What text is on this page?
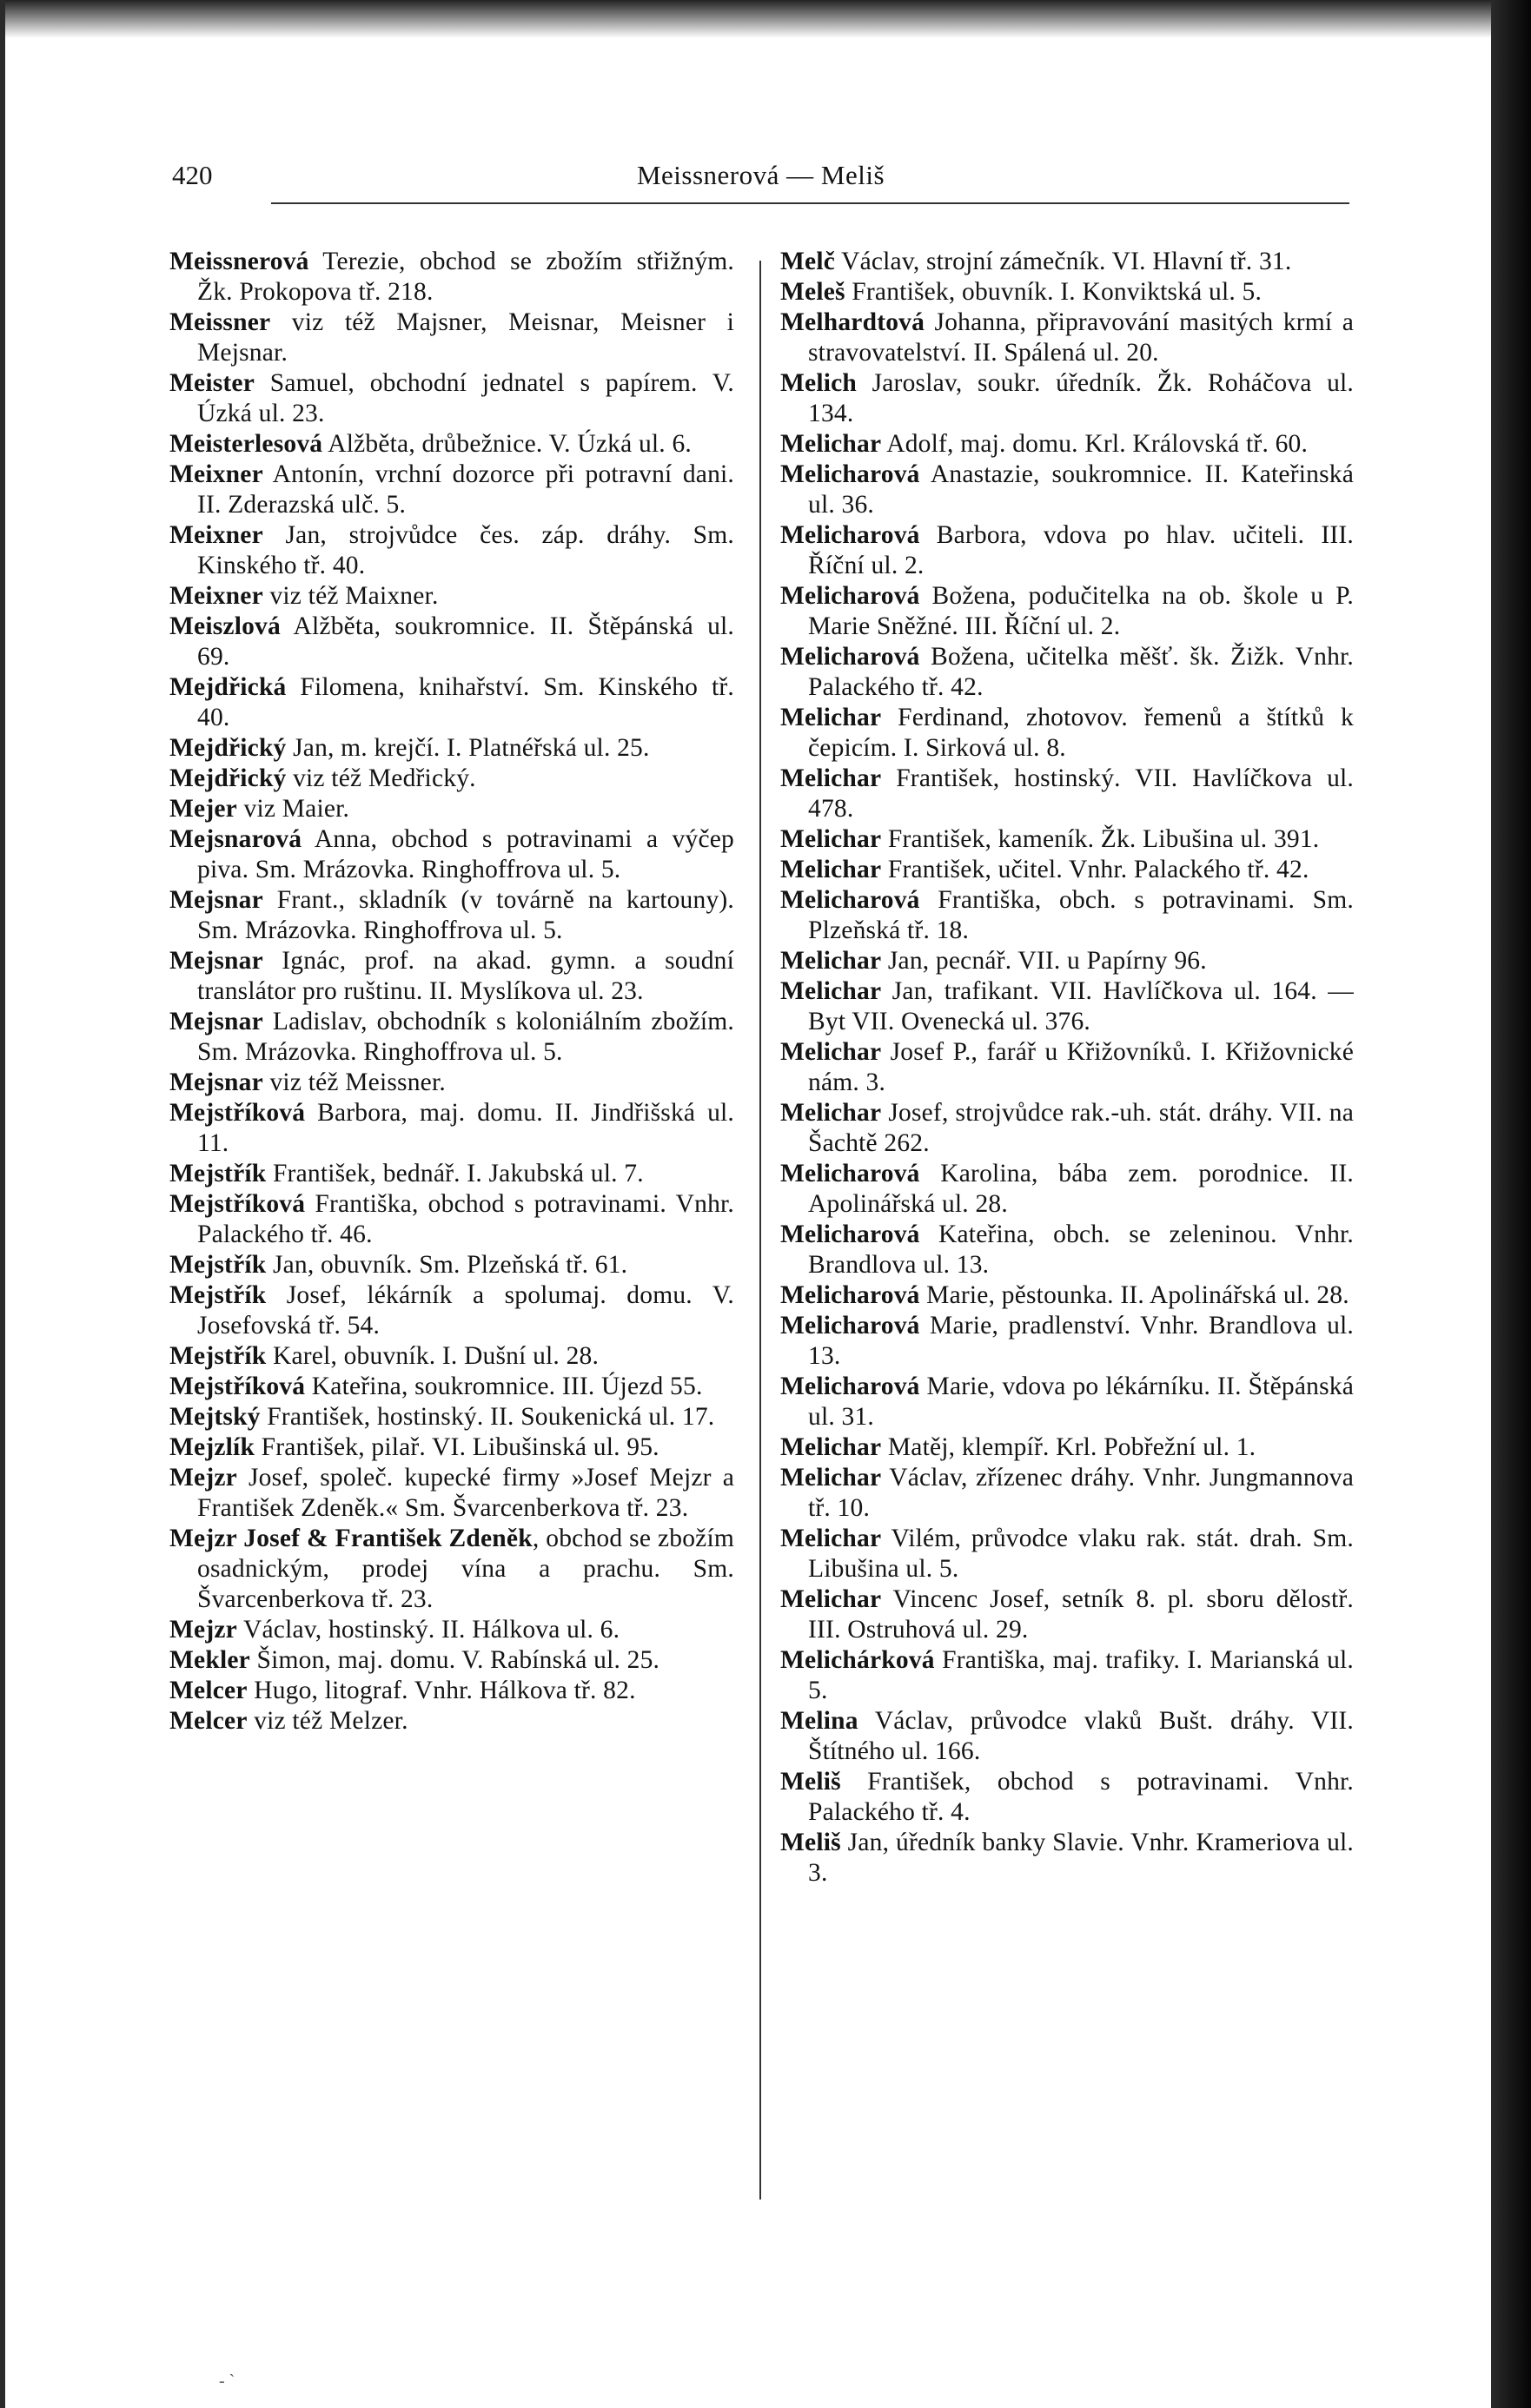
420	Meissnerová — Meliš

Meissnerová Terezie, obchod se zbožím střižným. Žk. Prokopova tř. 218.

Meissner viz též Majsner, Meisnar, Meisner i Mejsnar.

Meister Samuel, obchodní jednatel s papírem. V. Úzká ul. 23.

Meisterlesová Alžběta, drůbežnice. V. Úzká ul. 6.

Meixner Antonín, vrchní dozorce při potravní dani. II. Zderazská ulč. 5.

Meixner Jan, strojvůdce čes. záp. dráhy. Sm. Kinského tř. 40.

Meixner viz též Maixner.

Meiszlová Alžběta, soukromnice. II. Štěpánská ul. 69.

Mejdřická Filomena, knihařství. Sm. Kinského tř. 40.

Mejdřický Jan, m. krejčí. I. Platnéřská ul. 25.

Mejdřický viz též Medřický.

Mejer viz Maier.

Mejsnarová Anna, obchod s potravinami a výčep piva. Sm. Mrázovka. Ringhoffrova ul. 5.

Mejsnar Frant., skladník (v továrně na kartouny). Sm. Mrázovka. Ringhoffrova ul. 5.

Mejsnar Ignác, prof. na akad. gymn. a soudní translátor pro ruštinu. II. Myslíkova ul. 23.

Mejsnar Ladislav, obchodník s koloniálním zbožím. Sm. Mrázovka. Ringhoffrova ul. 5.

Mejsnar viz též Meissner.

Mejstříková Barbora, maj. domu. II. Jindřišská ul. 11.

Mejstřík František, bednář. I. Jakubská ul. 7.

Mejstříková Františka, obchod s potravinami. Vnhr. Palackého tř. 46.

Mejstřík Jan, obuvník. Sm. Plzeňská tř. 61.

Mejstřík Josef, lékárník a spolumaj. domu. V. Josefovská tř. 54.

Mejstřík Karel, obuvník. I. Dušní ul. 28.

Mejstříková Kateřina, soukromnice. III. Újezd 55.

Mejtský František, hostinský. II. Soukenická ul. 17.

Mejzlík František, pilař. VI. Libušinská ul. 95.

Mejzr Josef, společ. kupecké firmy »Josef Mejzr a František Zdeněk.« Sm. Švarcenberkova tř. 23.

Mejzr Josef & František Zdeněk, obchod se zbožím osadnickým, prodej vína a prachu. Sm. Švarcenberkova tř. 23.

Mejzr Václav, hostinský. II. Hálkova ul. 6.

Mekler Šimon, maj. domu. V. Rabínská ul. 25.

Melcer Hugo, litograf. Vnhr. Hálkova tř. 82.

Melcer viz též Melzer.

Melč Václav, strojní zámečník. VI. Hlavní tř. 31.

Meleš František, obuvník. I. Konviktská ul. 5.

Melhardtová Johanna, připravování masitých krmí a stravovatelství. II. Spálená ul. 20.

Melich Jaroslav, soukr. úředník. Žk. Roháčova ul. 134.

Melichar Adolf, maj. domu. Krl. Královská tř. 60.

Melicharová Anastazie, soukromnice. II. Kateřinská ul. 36.

Melicharová Barbora, vdova po hlav. učiteli. III. Říční ul. 2.

Melicharová Božena, podučitelka na ob. škole u P. Marie Sněžné. III. Říční ul. 2.

Melicharová Božena, učitelka měšť. šk. Žižk. Vnhr. Palackého tř. 42.

Melichar Ferdinand, zhotovov. řemenů a štítků k čepicím. I. Sirková ul. 8.

Melichar František, hostinský. VII. Havlíčkova ul. 478.

Melichar František, kameník. Žk. Libušina ul. 391.

Melichar František, učitel. Vnhr. Palackého tř. 42.

Melicharová Františka, obch. s potravinami. Sm. Plzeňská tř. 18.

Melichar Jan, pecnář. VII. u Papírny 96.

Melichar Jan, trafikant. VII. Havlíčkova ul. 164. — Byt VII. Ovenecká ul. 376.

Melichar Josef P., farář u Křižovníků. I. Křižovnické nám. 3.

Melichar Josef, strojvůdce rak.-uh. stát. dráhy. VII. na Šachtě 262.

Melicharová Karolina, bába zem. porodnice. II. Apolinářská ul. 28.

Melicharová Kateřina, obch. se zeleninou. Vnhr. Brandlova ul. 13.

Melicharová Marie, pěstounka. II. Apolinářská ul. 28.

Melicharová Marie, pradlenství. Vnhr. Brandlova ul. 13.

Melicharová Marie, vdova po lékárníku. II. Štěpánská ul. 31.

Melichar Matěj, klempíř. Krl. Pobřežní ul. 1.

Melichar Václav, zřízenec dráhy. Vnhr. Jungmannova tř. 10.

Melichar Vilém, průvodce vlaku rak. stát. drah. Sm. Libušina ul. 5.

Melichar Vincenc Josef, setník 8. pl. sboru dělostř. III. Ostruhová ul. 29.

Melichárková Františka, maj. trafiky. I. Marianská ul. 5.

Melina Václav, průvodce vlaků Bušt. dráhy. VII. Štítného ul. 166.

Meliš František, obchod s potravinami. Vnhr. Palackého tř. 4.

Meliš Jan, úředník banky Slavie. Vnhr. Krameriova ul. 3.

- `
